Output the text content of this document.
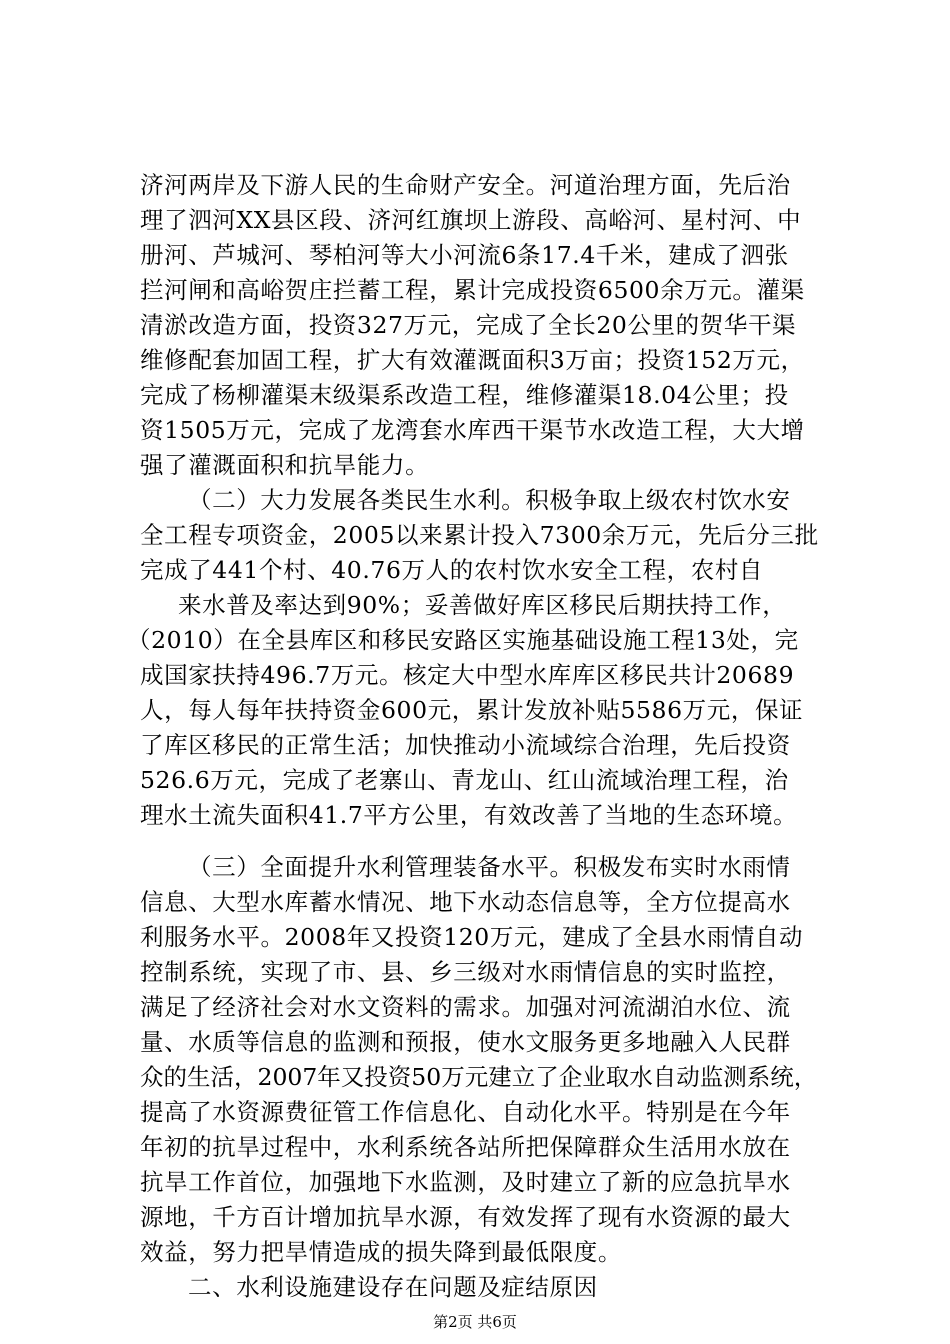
济河两岸及下游人民的生命财产安全。河道治理方面，先后治
理了泗河XX县区段、济河红旗坝上游段、高峪河、星村河、中
册河、芦城河、琴柏河等大小河流6条17.4千米，建成了泗张
拦河闸和高峪贺庄拦蓄工程，累计完成投资6500余万元。灌渠
清淤改造方面，投资327万元，完成了全长20公里的贺华干渠
维修配套加固工程，扩大有效灌溉面积3万亩；投资152万元，
完成了杨柳灌渠末级渠系改造工程，维修灌渠18.04公里；投
资1505万元，完成了龙湾套水库西干渠节水改造工程，大大增
强了灌溉面积和抗旱能力。
（二）大力发展各类民生水利。积极争取上级农村饮水安
全工程专项资金，2005以来累计投入7300余万元，先后分三批
完成了441个村、40.76万人的农村饮水安全工程，农村自
来水普及率达到90%；妥善做好库区移民后期扶持工作，
（2010）在全县库区和移民安路区实施基础设施工程13处，完
成国家扶持496.7万元。核定大中型水库库区移民共计20689
人，每人每年扶持资金600元，累计发放补贴5586万元，保证
了库区移民的正常生活；加快推动小流域综合治理，先后投资
526.6万元，完成了老寨山、青龙山、红山流域治理工程，治
理水土流失面积41.7平方公里，有效改善了当地的生态环境。
（三）全面提升水利管理装备水平。积极发布实时水雨情
信息、大型水库蓄水情况、地下水动态信息等，全方位提高水
利服务水平。2008年又投资120万元，建成了全县水雨情自动
控制系统，实现了市、县、乡三级对水雨情信息的实时监控，
满足了经济社会对水文资料的需求。加强对河流湖泊水位、流
量、水质等信息的监测和预报，使水文服务更多地融入人民群
众的生活，2007年又投资50万元建立了企业取水自动监测系统，
提高了水资源费征管工作信息化、自动化水平。特别是在今年
年初的抗旱过程中，水利系统各站所把保障群众生活用水放在
抗旱工作首位，加强地下水监测，及时建立了新的应急抗旱水
源地，千方百计增加抗旱水源，有效发挥了现有水资源的最大
效益，努力把旱情造成的损失降到最低限度。
二、水利设施建设存在问题及症结原因
第2页 共6页
